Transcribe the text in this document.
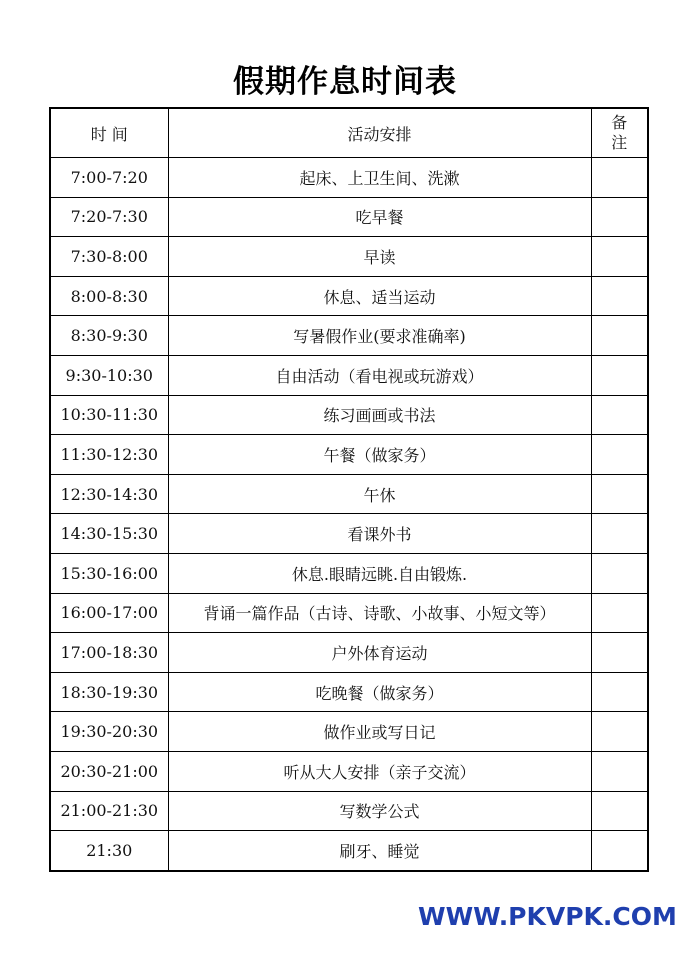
假期作息时间表
时 间	活动安排	备
注

7:00-7:20	起床、上卫生间、洗漱	
7:20-7:30	吃早餐	
7:30-8:00	早读	
8:00-8:30	休息、适当运动	
8:30-9:30	写暑假作业(要求准确率)	
9:30-10:30	自由活动（看电视或玩游戏）	
10:30-11:30	练习画画或书法	
11:30-12:30	午餐（做家务）	
12:30-14:30	午休	
14:30-15:30	看课外书	
15:30-16:00	休息.眼睛远眺.自由锻炼.	
16:00-17:00	背诵一篇作品（古诗、诗歌、小故事、小短文等）	
17:00-18:30	户外体育运动	
18:30-19:30	吃晚餐（做家务）	
19:30-20:30	做作业或写日记	
20:30-21:00	听从大人安排（亲子交流）	
21:00-21:30	写数学公式	
21:30	刷牙、睡觉	
WWW.PKVPK.COM
